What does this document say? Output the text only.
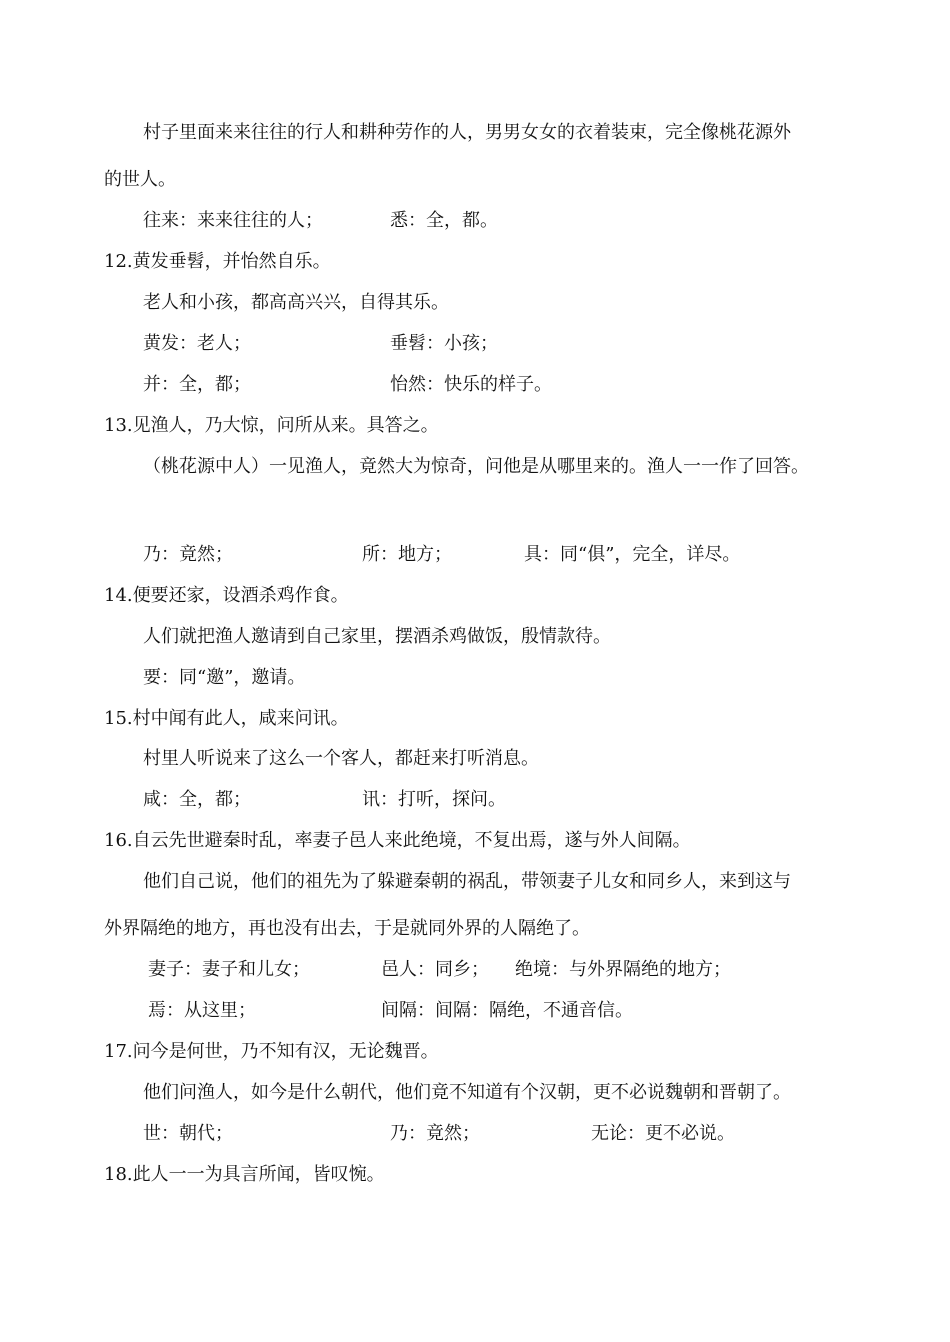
村子里面来来往往的行人和耕种劳作的人，男男女女的衣着装束，完全像桃花源外
的世人。
往来：来来往往的人；	悉：全，都。
12.黄发垂髫，并怡然自乐。
老人和小孩，都高高兴兴，自得其乐。
黄发：老人；	垂髫：小孩；
并：全，都；	怡然：快乐的样子。
13.见渔人，乃大惊，问所从来。具答之。
（桃花源中人）一见渔人，竟然大为惊奇，问他是从哪里来的。渔人一一作了回答。
乃：竟然；	所：地方；	具：同“俱”，完全，详尽。
14.便要还家，设酒杀鸡作食。
人们就把渔人邀请到自己家里，摆酒杀鸡做饭，殷情款待。
要：同“邀”，邀请。
15.村中闻有此人，咸来问讯。
村里人听说来了这么一个客人，都赶来打听消息。
咸：全，都；	讯：打听，探问。
16.自云先世避秦时乱，率妻子邑人来此绝境，不复出焉，遂与外人间隔。
他们自己说，他们的祖先为了躲避秦朝的祸乱，带领妻子儿女和同乡人，来到这与
外界隔绝的地方，再也没有出去，于是就同外界的人隔绝了。
妻子：妻子和儿女；	邑人：同乡； 绝境：与外界隔绝的地方；
焉：从这里；	间隔：间隔：隔绝，不通音信。
17.问今是何世，乃不知有汉，无论魏晋。
他们问渔人，如今是什么朝代，他们竟不知道有个汉朝，更不必说魏朝和晋朝了。
世：朝代；	乃：竟然；	无论：更不必说。
18.此人一一为具言所闻，皆叹惋。
